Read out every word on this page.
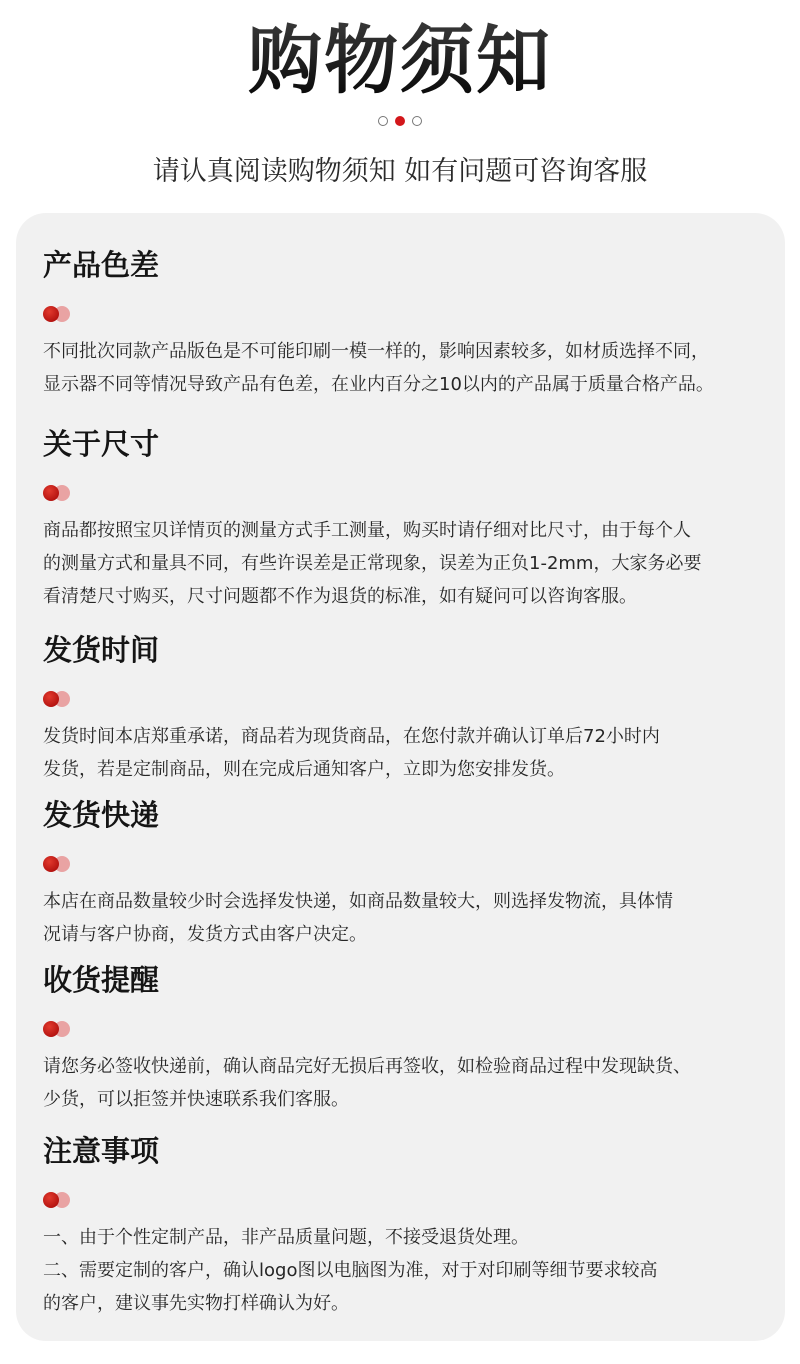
购物须知
请认真阅读购物须知 如有问题可咨询客服
产品色差

不同批次同款产品版色是不可能印刷一模一样的，影响因素较多，如材质选择不同，

显示器不同等情况导致产品有色差，在业内百分之10以内的产品属于质量合格产品。

关于尺寸

商品都按照宝贝详情页的测量方式手工测量，购买时请仔细对比尺寸，由于每个人

的测量方式和量具不同，有些许误差是正常现象，误差为正负1-2mm，大家务必要

看清楚尺寸购买，尺寸问题都不作为退货的标准，如有疑问可以咨询客服。

发货时间

发货时间本店郑重承诺，商品若为现货商品，在您付款并确认订单后72小时内

发货，若是定制商品，则在完成后通知客户，立即为您安排发货。

发货快递

本店在商品数量较少时会选择发快递，如商品数量较大，则选择发物流，具体情

况请与客户协商，发货方式由客户决定。

收货提醒

请您务必签收快递前，确认商品完好无损后再签收，如检验商品过程中发现缺货、

少货，可以拒签并快速联系我们客服。

注意事项

一、由于个性定制产品，非产品质量问题，不接受退货处理。

二、需要定制的客户，确认logo图以电脑图为准，对于对印刷等细节要求较高

的客户，建议事先实物打样确认为好。
